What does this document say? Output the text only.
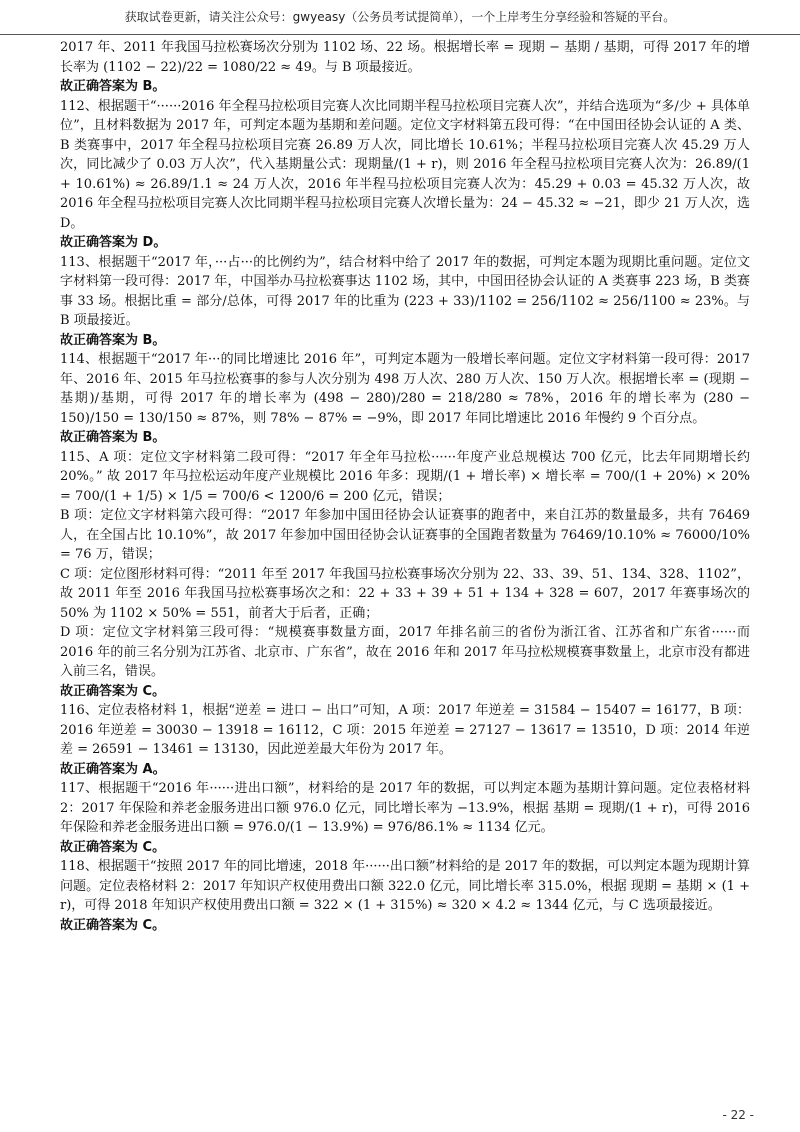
获取试卷更新，请关注公众号：gwyeasy（公务员考试提简单），一个上岸考生分享经验和答疑的平台。

2017 年、2011 年我国马拉松赛场次分别为 1102 场、22 场。根据增长率 = 现期 − 基期 / 基期，可得 2017 年的增长率为 (1102 − 22)/22 = 1080/22 ≈ 49。与 B 项最接近。

故正确答案为 B。

112、根据题干“······2016 年全程马拉松项目完赛人次比同期半程马拉松项目完赛人次”，并结合选项为“多/少 + 具体单位”，且材料数据为 2017 年，可判定本题为基期和差问题。定位文字材料第五段可得：“在中国田径协会认证的 A 类、B 类赛事中，2017 年全程马拉松项目完赛 26.89 万人次，同比增长 10.61%；半程马拉松项目完赛人次 45.29 万人次，同比减少了 0.03 万人次”，代入基期量公式：现期量/(1 + r)，则 2016 年全程马拉松项目完赛人次为：26.89/(1 + 10.61%) ≈ 26.89/1.1 ≈ 24 万人次，2016 年半程马拉松项目完赛人次为：45.29 + 0.03 = 45.32 万人次，故 2016 年全程马拉松项目完赛人次比同期半程马拉松项目完赛人次增长量为：24 − 45.32 ≈ −21，即少 21 万人次，选 D。

故正确答案为 D。

113、根据题干“2017 年，···占···的比例约为”，结合材料中给了 2017 年的数据，可判定本题为现期比重问题。定位文字材料第一段可得：2017 年，中国举办马拉松赛事达 1102 场，其中，中国田径协会认证的 A 类赛事 223 场，B 类赛事 33 场。根据比重 = 部分/总体，可得 2017 年的比重为 (223 + 33)/1102 = 256/1102 ≈ 256/1100 ≈ 23%。与 B 项最接近。

故正确答案为 B。

114、根据题干“2017 年···的同比增速比 2016 年”，可判定本题为一般增长率问题。定位文字材料第一段可得：2017 年、2016 年、2015 年马拉松赛事的参与人次分别为 498 万人次、280 万人次、150 万人次。根据增长率 = (现期 − 基期)/基期，可得 2017 年的增长率为 (498 − 280)/280 = 218/280 ≈ 78%，2016 年的增长率为 (280 − 150)/150 = 130/150 ≈ 87%，则 78% − 87% = −9%，即 2017 年同比增速比 2016 年慢约 9 个百分点。

故正确答案为 B。

115、A 项：定位文字材料第二段可得：“2017 年全年马拉松······年度产业总规模达 700 亿元，比去年同期增长约 20%。” 故 2017 年马拉松运动年度产业规模比 2016 年多：现期/(1 + 增长率) × 增长率 = 700/(1 + 20%) × 20% = 700/(1 + 1/5) × 1/5 = 700/6 < 1200/6 = 200 亿元，错误；

B 项：定位文字材料第六段可得：“2017 年参加中国田径协会认证赛事的跑者中，来自江苏的数量最多，共有 76469 人，在全国占比 10.10%”，故 2017 年参加中国田径协会认证赛事的全国跑者数量为 76469/10.10% ≈ 76000/10% = 76 万，错误；

C 项：定位图形材料可得：“2011 年至 2017 年我国马拉松赛事场次分别为 22、33、39、51、134、328、1102”，故 2011 年至 2016 年我国马拉松赛事场次之和：22 + 33 + 39 + 51 + 134 + 328 = 607，2017 年赛事场次的 50% 为 1102 × 50% = 551，前者大于后者，正确；

D 项：定位文字材料第三段可得：“规模赛事数量方面，2017 年排名前三的省份为浙江省、江苏省和广东省······而 2016 年的前三名分别为江苏省、北京市、广东省”，故在 2016 年和 2017 年马拉松规模赛事数量上，北京市没有都进入前三名，错误。

故正确答案为 C。

116、定位表格材料 1，根据“逆差 = 进口 − 出口”可知，A 项：2017 年逆差 = 31584 − 15407 = 16177，B 项：2016 年逆差 = 30030 − 13918 = 16112，C 项：2015 年逆差 = 27127 − 13617 = 13510，D 项：2014 年逆差 = 26591 − 13461 = 13130，因此逆差最大年份为 2017 年。

故正确答案为 A。

117、根据题干“2016 年······进出口额”，材料给的是 2017 年的数据，可以判定本题为基期计算问题。定位表格材料 2：2017 年保险和养老金服务进出口额 976.0 亿元，同比增长率为 −13.9%，根据 基期 = 现期/(1 + r)，可得 2016 年保险和养老金服务进出口额 = 976.0/(1 − 13.9%) = 976/86.1% ≈ 1134 亿元。

故正确答案为 C。

118、根据题干“按照 2017 年的同比增速，2018 年······出口额”材料给的是 2017 年的数据，可以判定本题为现期计算问题。定位表格材料 2：2017 年知识产权使用费出口额 322.0 亿元，同比增长率 315.0%，根据 现期 = 基期 × (1 + r)，可得 2018 年知识产权使用费出口额 = 322 × (1 + 315%) ≈ 320 × 4.2 ≈ 1344 亿元，与 C 选项最接近。

故正确答案为 C。

- 22 -
